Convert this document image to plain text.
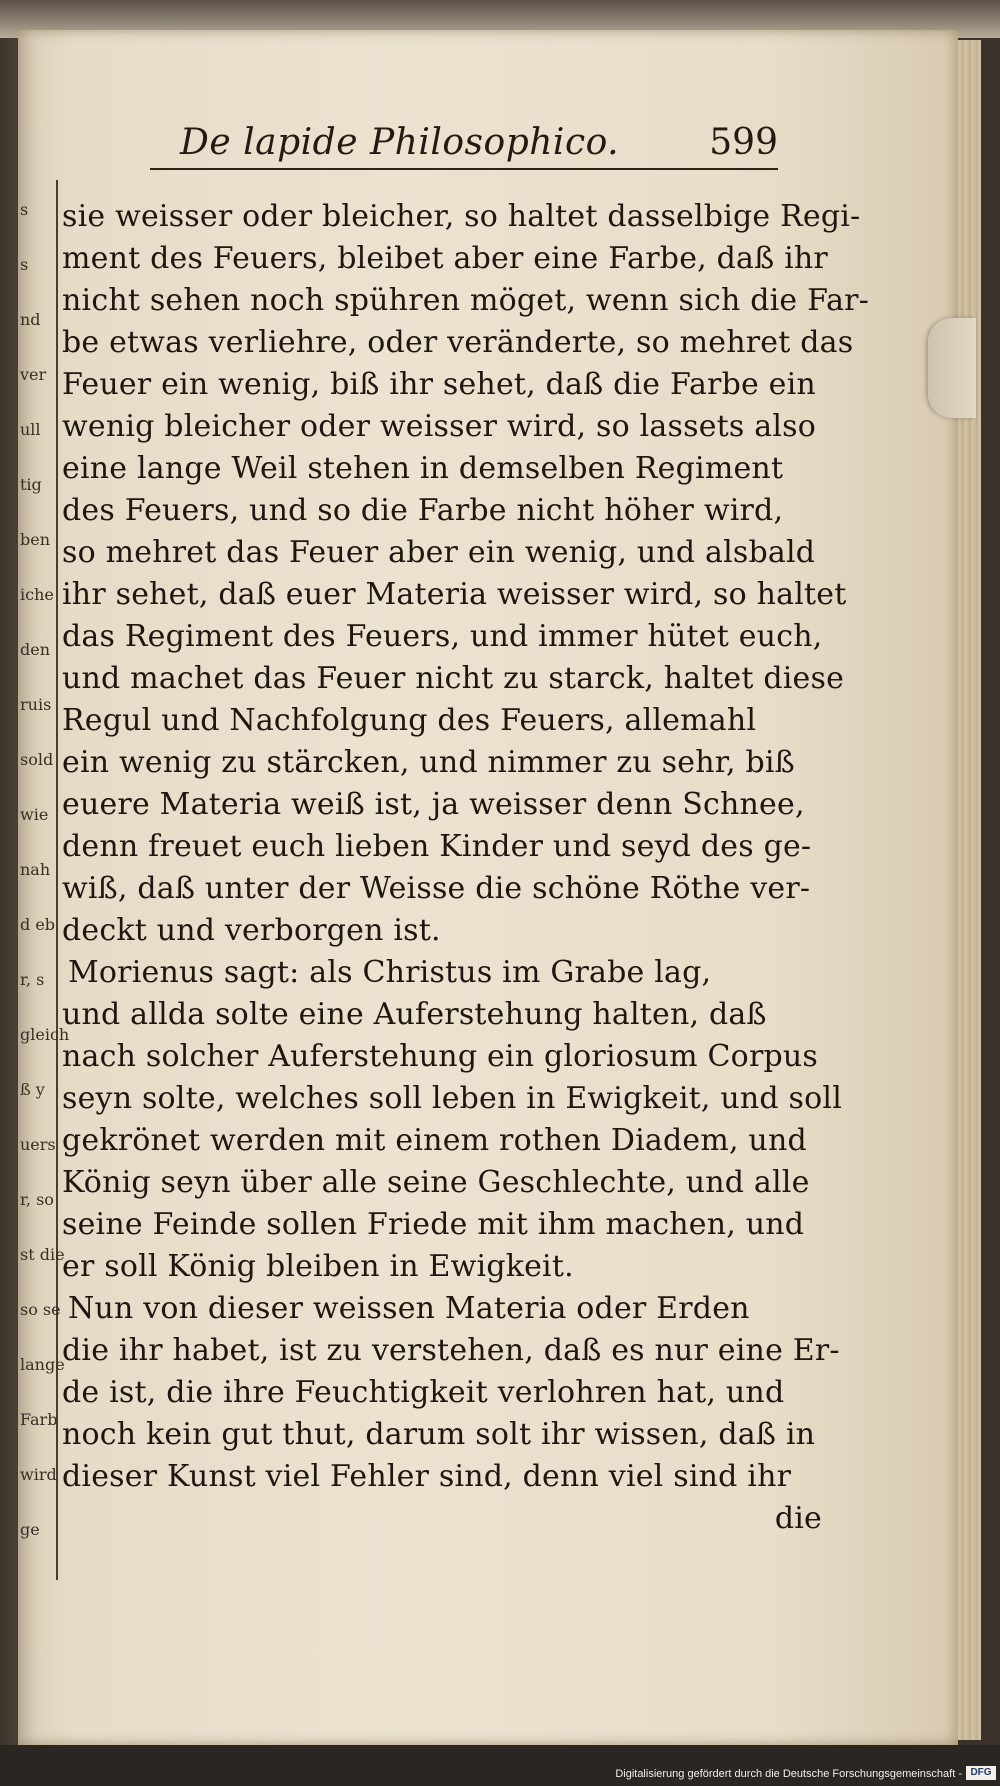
s
s
nd
ver
ull
tig
ben
iche
den
ruis
sold
wie
nah
d eb
r, s
gleich
ß y
uers
r, so
st die
so se
lange
Farb
wird
ge
De lapide Philosophico.	599
sie weisser oder bleicher, so haltet dasselbige Regi-
ment des Feuers, bleibet aber eine Farbe, daß ihr
nicht sehen noch spühren möget, wenn sich die Far-
be etwas verliehre, oder veränderte, so mehret das
Feuer ein wenig, biß ihr sehet, daß die Farbe ein
wenig bleicher oder weisser wird, so lassets also
eine lange Weil stehen in demselben Regiment
des Feuers, und so die Farbe nicht höher wird,
so mehret das Feuer aber ein wenig, und alsbald
ihr sehet, daß euer Materia weisser wird, so haltet
das Regiment des Feuers, und immer hütet euch,
und machet das Feuer nicht zu starck, haltet diese
Regul und Nachfolgung des Feuers, allemahl
ein wenig zu stärcken, und nimmer zu sehr, biß
euere Materia weiß ist, ja weisser denn Schnee,
denn freuet euch lieben Kinder und seyd des ge-
wiß, daß unter der Weisse die schöne Röthe ver-
deckt und verborgen ist.
Morienus sagt: als Christus im Grabe lag,
und allda solte eine Auferstehung halten, daß
nach solcher Auferstehung ein gloriosum Corpus
seyn solte, welches soll leben in Ewigkeit, und soll
gekrönet werden mit einem rothen Diadem, und
König seyn über alle seine Geschlechte, und alle
seine Feinde sollen Friede mit ihm machen, und
er soll König bleiben in Ewigkeit.
Nun von dieser weissen Materia oder Erden
die ihr habet, ist zu verstehen, daß es nur eine Er-
de ist, die ihre Feuchtigkeit verlohren hat, und
noch kein gut thut, darum solt ihr wissen, daß in
dieser Kunst viel Fehler sind, denn viel sind ihr
die
Digitalisierung gefördert durch die Deutsche Forschungsgemeinschaft - DFG
